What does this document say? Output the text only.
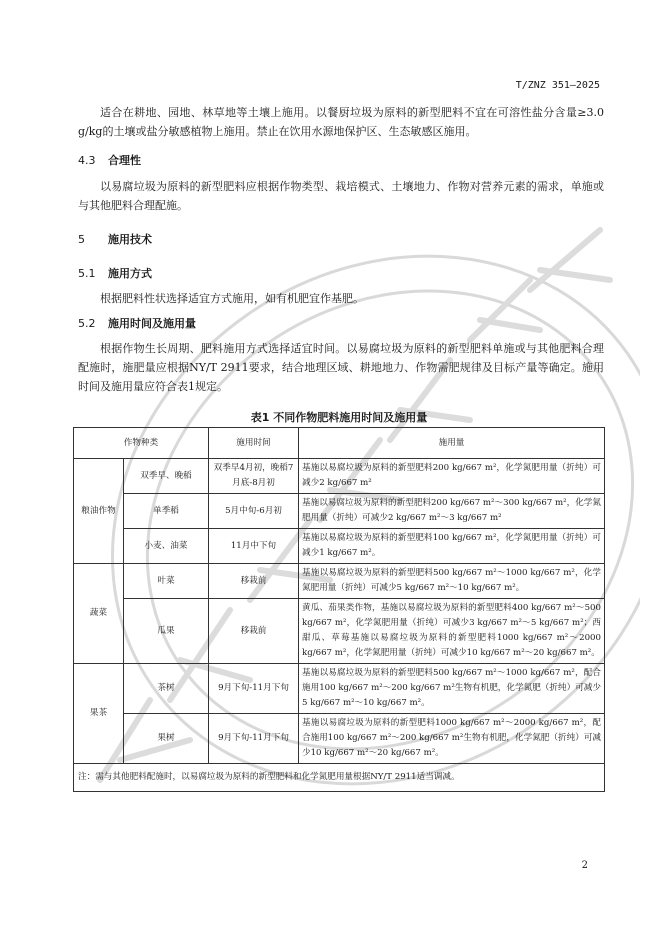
T/ZNZ 351—2025
适合在耕地、园地、林草地等土壤上施用。以餐厨垃圾为原料的新型肥料不宜在可溶性盐分含量≥3.0 g/kg的土壤或盐分敏感植物上施用。禁止在饮用水源地保护区、生态敏感区施用。
4.3 合理性
以易腐垃圾为原料的新型肥料应根据作物类型、栽培模式、土壤地力、作物对营养元素的需求，单施或与其他肥料合理配施。
5 施用技术
5.1 施用方式
根据肥料性状选择适宜方式施用，如有机肥宜作基肥。
5.2 施用时间及施用量
根据作物生长周期、肥料施用方式选择适宜时间。以易腐垃圾为原料的新型肥料单施或与其他肥料合理配施时，施肥量应根据NY/T 2911要求，结合地理区域、耕地地力、作物需肥规律及目标产量等确定。施用时间及施用量应符合表1规定。
表1 不同作物肥料施用时间及施用量
作物种类		施用时间	施用量
粮油作物	双季早、晚稻	双季早4月初，晚稻7月底-8月初	基施以易腐垃圾为原料的新型肥料200 kg/667 m²，化学氮肥用量（折纯）可减少2 kg/667 m²
	单季稻	5月中旬-6月初	基施以易腐垃圾为原料的新型肥料200 kg/667 m²～300 kg/667 m²，化学氮肥用量（折纯）可减少2 kg/667 m²～3 kg/667 m²
	小麦、油菜	11月中下旬	基施以易腐垃圾为原料的新型肥料100 kg/667 m²，化学氮肥用量（折纯）可减少1 kg/667 m²。
蔬菜	叶菜	移栽前	基施以易腐垃圾为原料的新型肥料500 kg/667 m²～1000 kg/667 m²，化学氮肥用量（折纯）可减少5 kg/667 m²～10 kg/667 m²。
	瓜果	移栽前	黄瓜、茄果类作物，基施以易腐垃圾为原料的新型肥料400 kg/667 m²～500 kg/667 m²，化学氮肥用量（折纯）可减少3 kg/667 m²～5 kg/667 m²；西甜瓜、草莓基施以易腐垃圾为原料的新型肥料1000 kg/667 m²～2000 kg/667 m²，化学氮肥用量（折纯）可减少10 kg/667 m²～20 kg/667 m²。
果茶	茶树	9月下旬-11月下旬	基施以易腐垃圾为原料的新型肥料500 kg/667 m²～1000 kg/667 m²，配合施用100 kg/667 m²～200 kg/667 m²生物有机肥，化学氮肥（折纯）可减少5 kg/667 m²～10 kg/667 m²。
	果树	9月下旬-11月下旬	基施以易腐垃圾为原料的新型肥料1000 kg/667 m²～2000 kg/667 m²，配合施用100 kg/667 m²～200 kg/667 m²生物有机肥，化学氮肥（折纯）可减少10 kg/667 m²～20 kg/667 m²。
注：需与其他肥料配施时，以易腐垃圾为原料的新型肥料和化学氮肥用量根据NY/T 2911适当调减。			
2
